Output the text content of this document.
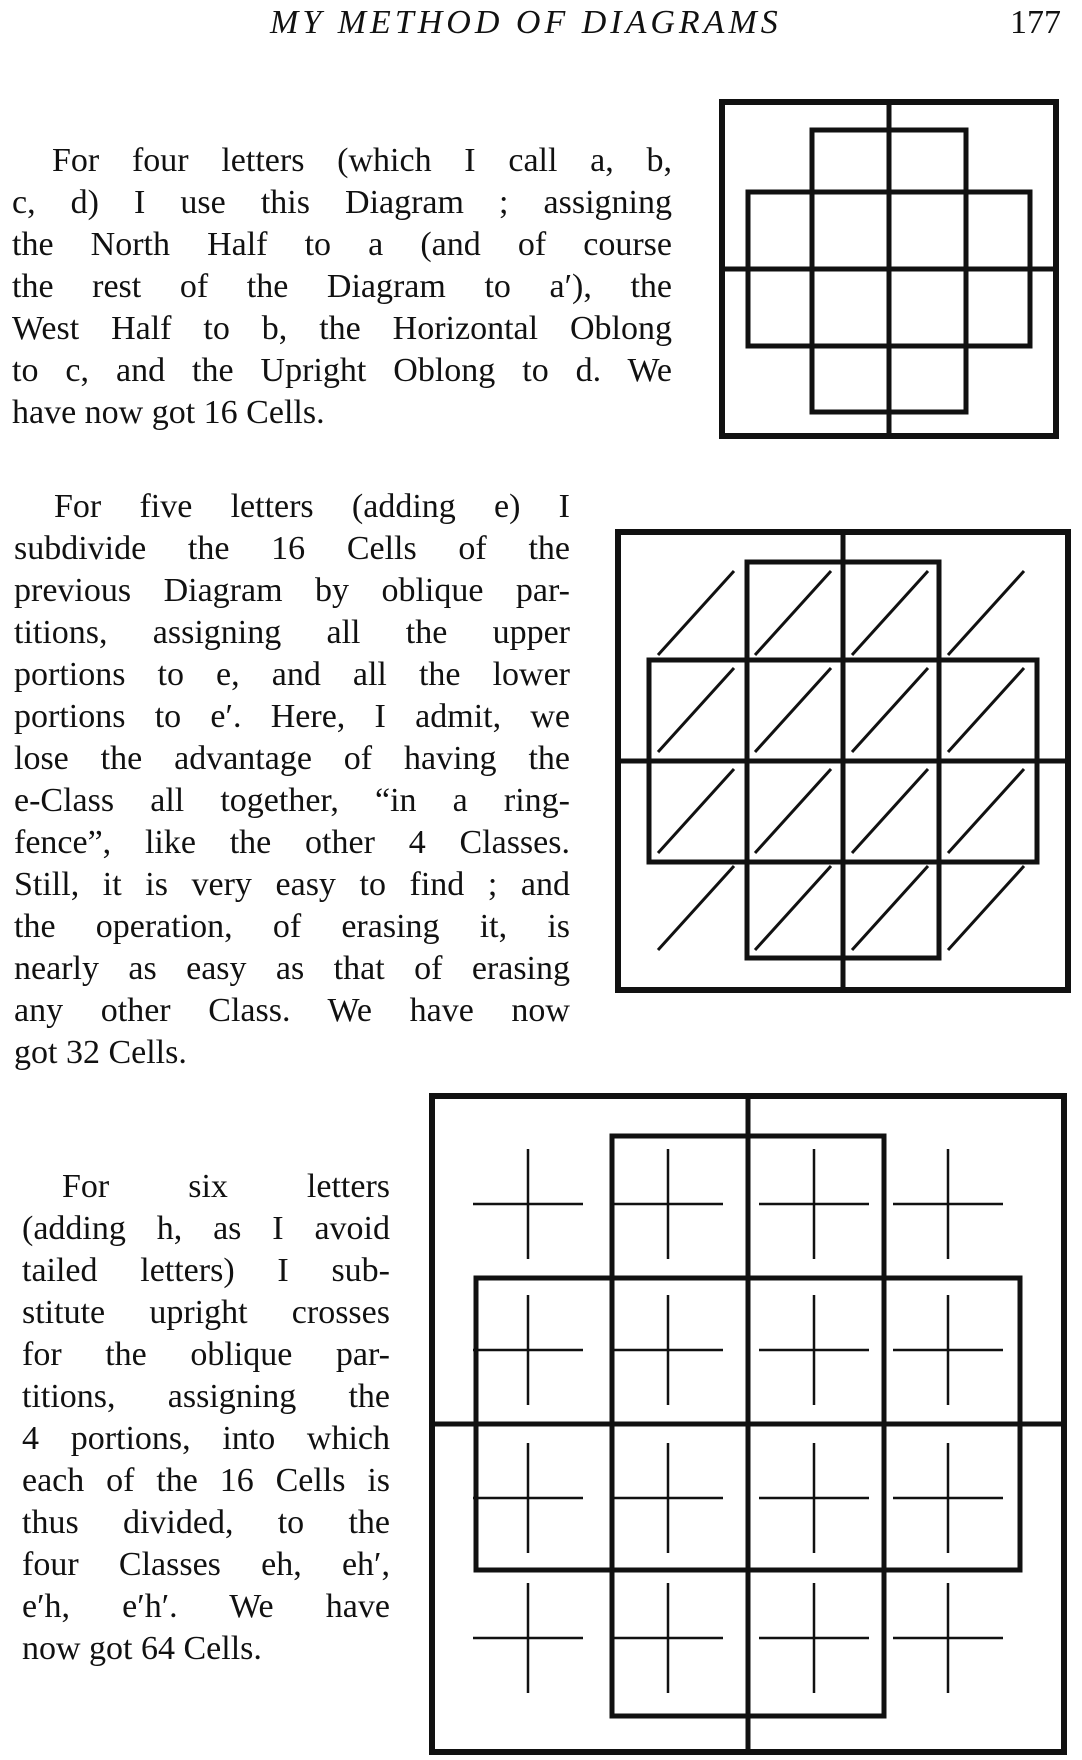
MY METHOD OF DIAGRAMS	177
For four letters (which I call a, b,
c, d) I use this Diagram ; assigning
the North Half to a (and of course
the rest of the Diagram to a′), the
West Half to b, the Horizontal Oblong
to c, and the Upright Oblong to d. We
have now got 16 Cells.
For five letters (adding e) I
subdivide the 16 Cells of the
previous Diagram by oblique par-
titions, assigning all the upper
portions to e, and all the lower
portions to e′. Here, I admit, we
lose the advantage of having the
e-Class all together, “in a ring-
fence”, like the other 4 Classes.
Still, it is very easy to find ; and
the operation, of erasing it, is
nearly as easy as that of erasing
any other Class. We have now
got 32 Cells.
For six letters
(adding h, as I avoid
tailed letters) I sub-
stitute upright crosses
for the oblique par-
titions, assigning the
4 portions, into which
each of the 16 Cells is
thus divided, to the
four Classes eh, eh′,
e′h, e′h′. We have
now got 64 Cells.
